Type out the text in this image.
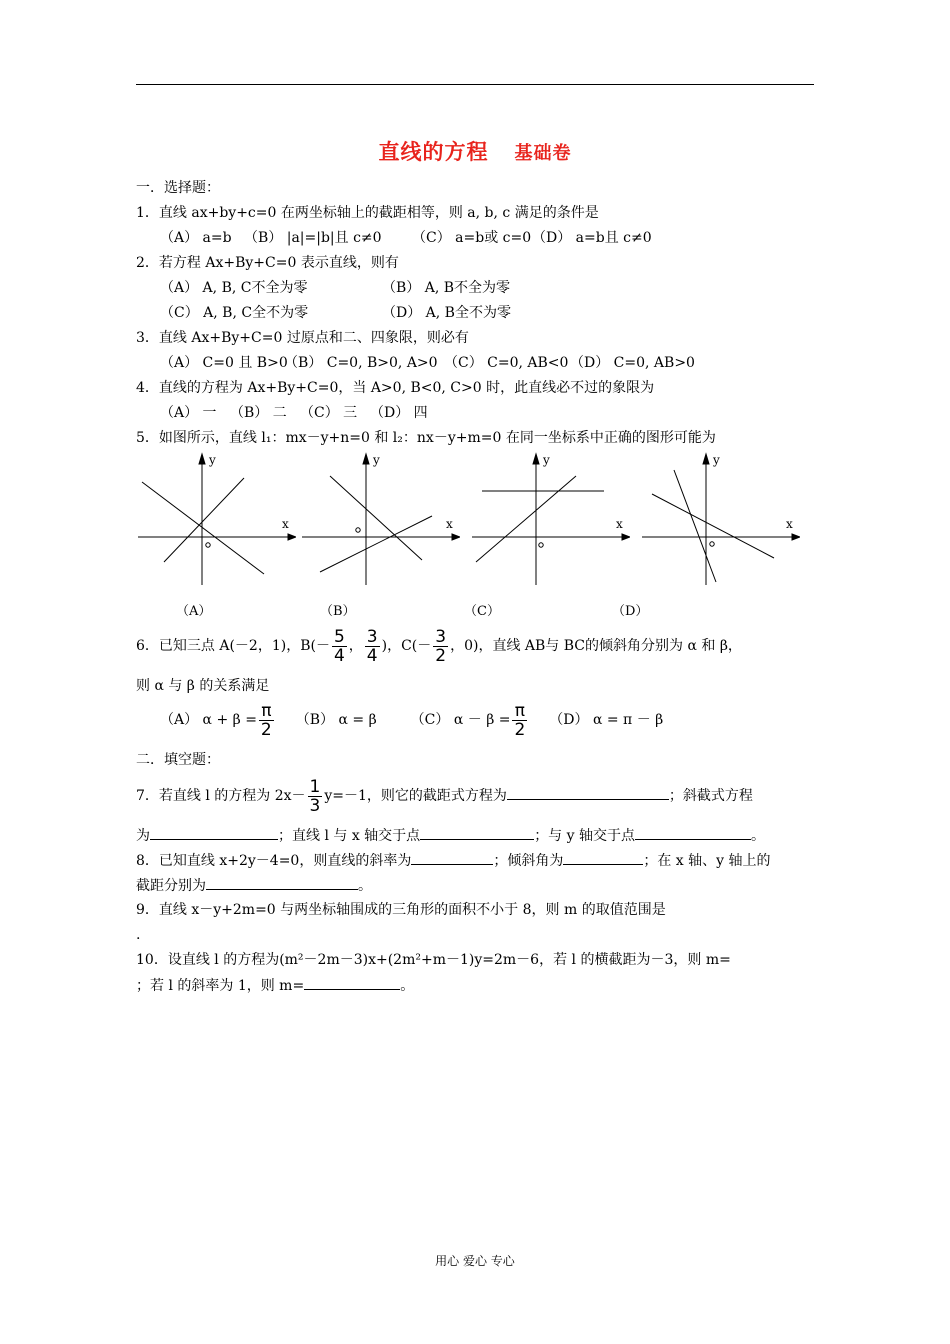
直线的方程 基础卷
一．选择题：
1．直线 ax+by+c=0 在两坐标轴上的截距相等，则 a, b, c 满足的条件是
（A） a=b （B） |a|=|b|且 c≠0 （C） a=b或 c=0（D） a=b且 c≠0
2．若方程 Ax+By+C=0 表示直线，则有
（A） A, B, C不全为零	（B） A, B不全为零
（C） A, B, C全不为零	（D） A, B全不为零
3．直线 Ax+By+C=0 过原点和二、四象限，则必有
（A） C=0 且 B>0（B） C=0, B>0, A>0 （C） C=0, AB<0 （D） C=0, AB>0
4．直线的方程为 Ax+By+C=0，当 A>0, B<0, C>0 时，此直线必不过的象限为
（A） 一 （B） 二 （C） 三 （D） 四
5．如图所示，直线 l₁：mx－y+n=0 和 l₂：nx－y+m=0 在同一坐标系中正确的图形可能为
y
x
y
x
y
x
y
x
（A）	（B）	（C）	（D）
6．已知三点 A(－2，1)，$B(- \frac{5}{4}$ ， $\frac{3}{4}$ )，$C(- \frac{3}{2}$ ，0)，直线 AB与 BC的倾斜角分别为 α 和 β，
则 α 与 β 的关系满足
（A） $\alpha + \beta = \frac{\pi}{2} (B) \alpha = \beta$ （C） $\alpha - \beta = \frac{\pi}{2} (D) \alpha = \pi - \beta$
二．填空题：
7．若直线 l 的方程为 $2x- \frac{1}{3} y=-1$，则它的截距式方程为	；斜截式方程
为	；直线 l 与 x 轴交于点	；与 y 轴交于点	。
8．已知直线 x+2y－4=0，则直线的斜率为	；倾斜角为	；在 x 轴、y 轴上的
截距分别为	。
9．直线 x－y+2m=0 与两坐标轴围成的三角形的面积不小于 8，则 m 的取值范围是
.
10．设直线 l 的方程为(m²－2m－3)x+(2m²+m－1)y=2m－6，若 l 的横截距为－3，则 m=
；若 l 的斜率为 1，则 m=	。
用心 爱心 专心
